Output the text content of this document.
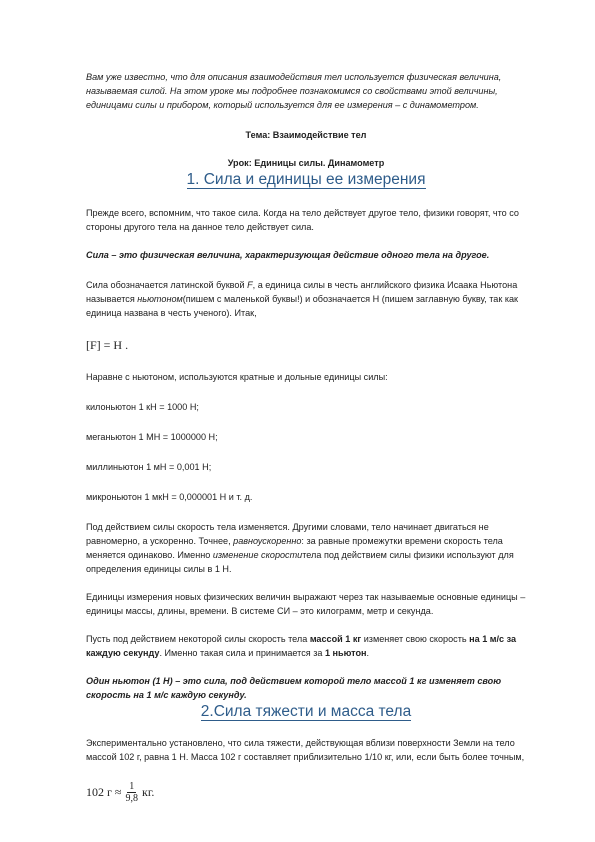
Вам уже известно, что для описания взаимодействия тел используется физическая величина, называемая силой. На этом уроке мы подробнее познакомимся со свойствами этой величины, единицами силы и прибором, который используется для ее измерения – с динамометром.

Тема: Взаимодействие тел

Урок: Единицы силы. Динамометр

1. Сила и единицы ее измерения

Прежде всего, вспомним, что такое сила. Когда на тело действует другое тело, физики говорят, что со стороны другого тела на данное тело действует сила.

Сила – это физическая величина, характеризующая действие одного тела на другое.

Сила обозначается латинской буквой F, а единица силы в честь английского физика Исаака Ньютона называется ньютоном(пишем с маленькой буквы!) и обозначается Н (пишем заглавную букву, так как единица названа в честь ученого). Итак,

[F] = Н .

Наравне с ньютоном, используются кратные и дольные единицы силы:

килоньютон 1 кН = 1000 Н;

меганьютон 1 МН = 1000000 Н;

миллиньютон 1 мН = 0,001 Н;

микроньютон 1 мкН = 0,000001 Н и т. д.

Под действием силы скорость тела изменяется. Другими словами, тело начинает двигаться не равномерно, а ускоренно. Точнее, равноускоренно: за равные промежутки времени скорость тела меняется одинаково. Именно изменение скороститела под действием силы физики используют для определения единицы силы в 1 Н.

Единицы измерения новых физических величин выражают через так называемые основные единицы – единицы массы, длины, времени. В системе СИ – это килограмм, метр и секунда.

Пусть под действием некоторой силы скорость тела массой 1 кг изменяет свою скорость на 1 м/с за каждую секунду. Именно такая сила и принимается за 1 ньютон.

Один ньютон (1 Н) – это сила, под действием которой тело массой 1 кг изменяет свою скорость на 1 м/с каждую секунду.

2.Сила тяжести и масса тела

Экспериментально установлено, что сила тяжести, действующая вблизи поверхности Земли на тело массой 102 г, равна 1 Н. Масса 102 г составляет приблизительно 1/10 кг, или, если быть более точным,

102 $г \approx \frac{1}{9,8}$ кг.
